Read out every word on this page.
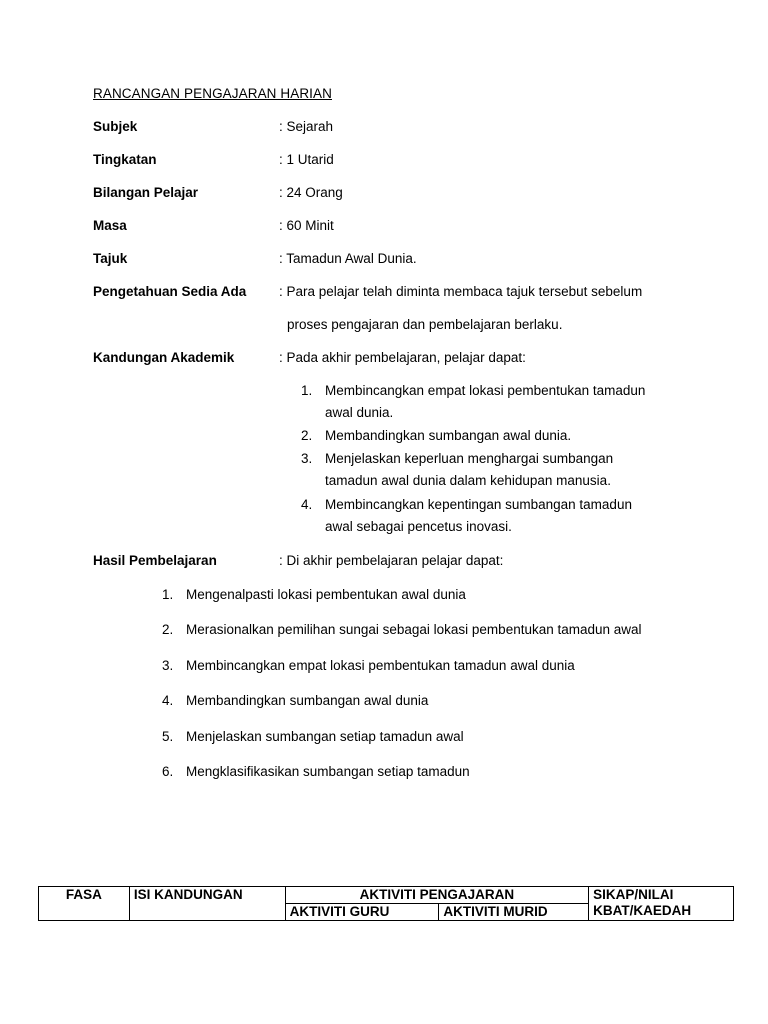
RANCANGAN PENGAJARAN HARIAN
Subjek	: Sejarah
Tingkatan	: 1 Utarid
Bilangan Pelajar	: 24 Orang
Masa	: 60 Minit
Tajuk	: Tamadun Awal Dunia.
Pengetahuan Sedia Ada : Para pelajar telah diminta membaca tajuk tersebut sebelum
proses pengajaran dan pembelajaran berlaku.
Kandungan Akademik	: Pada akhir pembelajaran, pelajar dapat:
1. Membincangkan empat lokasi pembentukan tamadun
awal dunia.
2. Membandingkan sumbangan awal dunia.
3. Menjelaskan keperluan menghargai sumbangan
tamadun awal dunia dalam kehidupan manusia.
4. Membincangkan kepentingan sumbangan tamadun
awal sebagai pencetus inovasi.
Hasil Pembelajaran	: Di akhir pembelajaran pelajar dapat:
1. Mengenalpasti lokasi pembentukan awal dunia
2. Merasionalkan pemilihan sungai sebagai lokasi pembentukan tamadun awal
3. Membincangkan empat lokasi pembentukan tamadun awal dunia
4. Membandingkan sumbangan awal dunia
5. Menjelaskan sumbangan setiap tamadun awal
6. Mengklasifikasikan sumbangan setiap tamadun
FASA	ISI KANDUNGAN	AKTIVITI PENGAJARAN		SIKAP/NILAI
KBAT/KAEDAH

		AKTIVITI GURU	AKTIVITI MURID	
